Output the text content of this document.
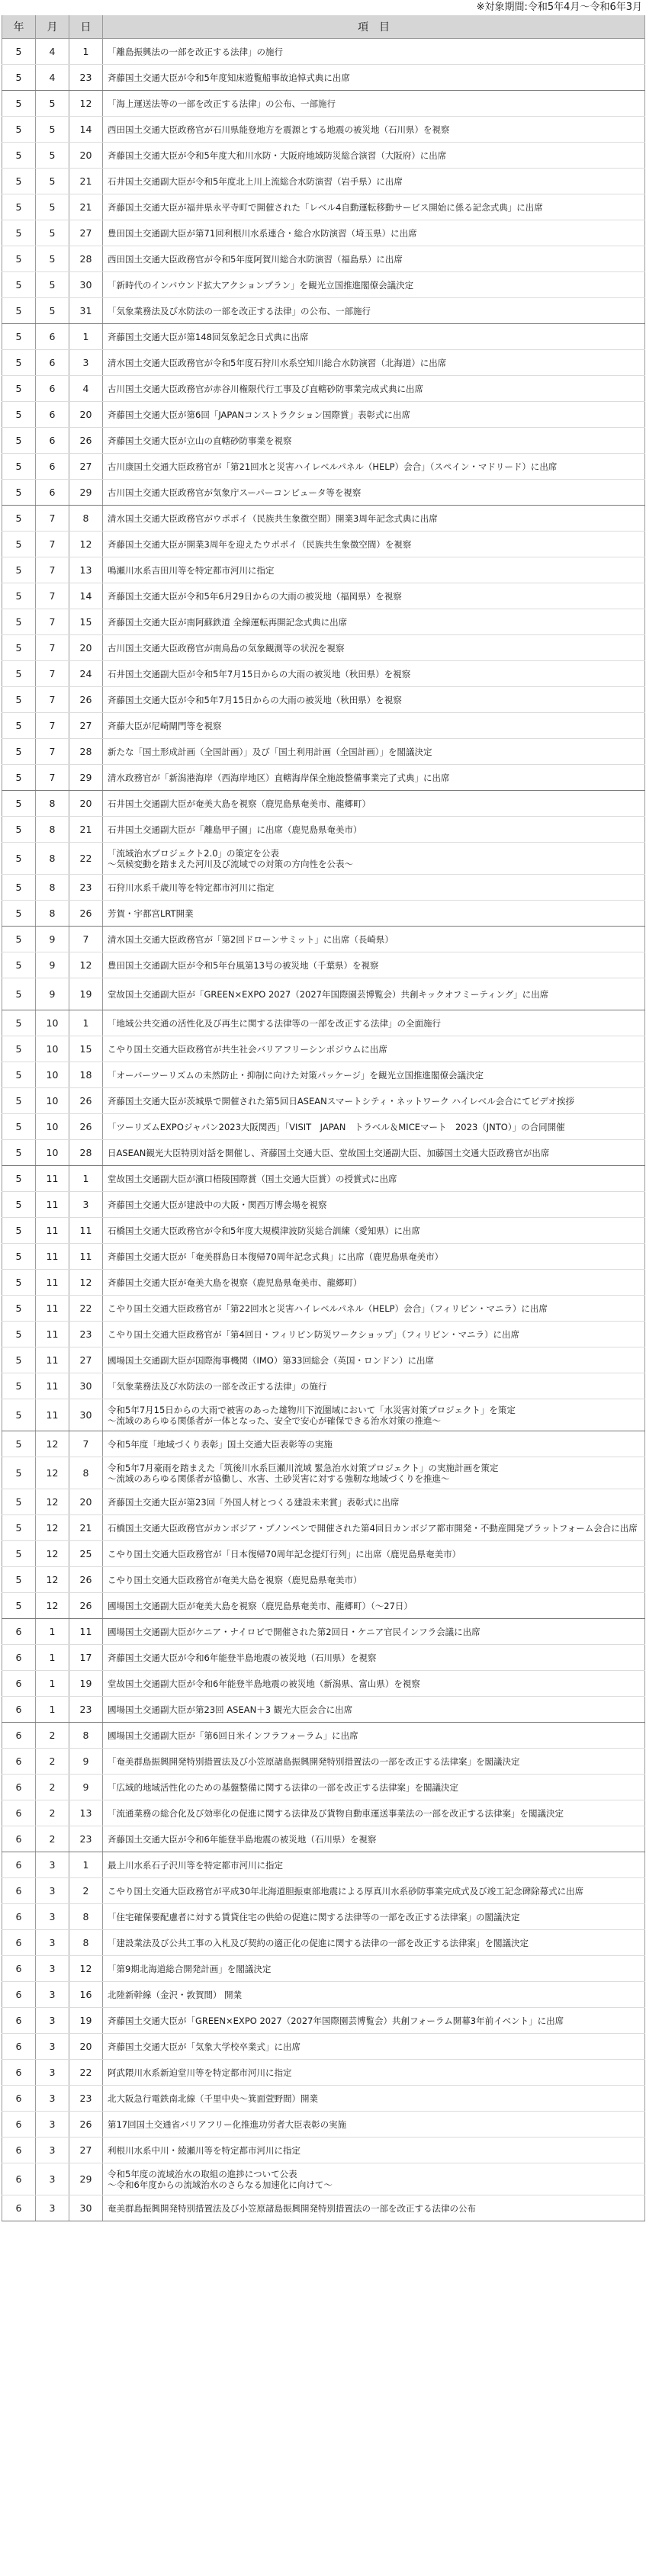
※対象期間:令和5年4月～令和6年3月
年	月	日	項　目
5	4	1	「離島振興法の一部を改正する法律」の施行
5	4	23	斉藤国土交通大臣が令和5年度知床遊覧船事故追悼式典に出席
5	5	12	「海上運送法等の一部を改正する法律」の公布、一部施行
5	5	14	西田国土交通大臣政務官が石川県能登地方を震源とする地震の被災地（石川県）を視察
5	5	20	斉藤国土交通大臣が令和5年度大和川水防・大阪府地域防災総合演習（大阪府）に出席
5	5	21	石井国土交通副大臣が令和5年度北上川上流総合水防演習（岩手県）に出席
5	5	21	斉藤国土交通大臣が福井県永平寺町で開催された「レベル4自動運転移動サービス開始に係る記念式典」に出席
5	5	27	豊田国土交通副大臣が第71回利根川水系連合・総合水防演習（埼玉県）に出席
5	5	28	西田国土交通大臣政務官が令和5年度阿賀川総合水防演習（福島県）に出席
5	5	30	「新時代のインバウンド拡大アクションプラン」を観光立国推進閣僚会議決定
5	5	31	「気象業務法及び水防法の一部を改正する法律」の公布、一部施行
5	6	1	斉藤国土交通大臣が第148回気象記念日式典に出席
5	6	3	清水国土交通大臣政務官が令和5年度石狩川水系空知川総合水防演習（北海道）に出席
5	6	4	古川国土交通大臣政務官が赤谷川権限代行工事及び直轄砂防事業完成式典に出席
5	6	20	斉藤国土交通大臣が第6回「JAPANコンストラクション国際賞」表彰式に出席
5	6	26	斉藤国土交通大臣が立山の直轄砂防事業を視察
5	6	27	古川康国土交通大臣政務官が「第21回水と災害ハイレベルパネル（HELP）会合」（スペイン・マドリード）に出席
5	6	29	古川国土交通大臣政務官が気象庁スーパーコンピュータ等を視察
5	7	8	清水国土交通大臣政務官がウポポイ（民族共生象徴空間）開業3周年記念式典に出席
5	7	12	斉藤国土交通大臣が開業3周年を迎えたウポポイ（民族共生象徴空間）を視察
5	7	13	鳴瀬川水系吉田川等を特定都市河川に指定
5	7	14	斉藤国土交通大臣が令和5年6月29日からの大雨の被災地（福岡県）を視察
5	7	15	斉藤国土交通大臣が南阿蘇鉄道 全線運転再開記念式典に出席
5	7	20	古川国土交通大臣政務官が南鳥島の気象観測等の状況を視察
5	7	24	石井国土交通副大臣が令和5年7月15日からの大雨の被災地（秋田県）を視察
5	7	26	斉藤国土交通大臣が令和5年7月15日からの大雨の被災地（秋田県）を視察
5	7	27	斉藤大臣が尼崎閘門等を視察
5	7	28	新たな「国土形成計画（全国計画）」及び「国土利用計画（全国計画）」を閣議決定
5	7	29	清水政務官が「新潟港海岸（西海岸地区）直轄海岸保全施設整備事業完了式典」に出席
5	8	20	石井国土交通副大臣が奄美大島を視察（鹿児島県奄美市、龍郷町）
5	8	21	石井国土交通副大臣が「離島甲子園」に出席（鹿児島県奄美市）
5	8	22	「流域治水プロジェクト2.0」の策定を公表
～気候変動を踏まえた河川及び流域での対策の方向性を公表～
5	8	23	石狩川水系千歳川等を特定都市河川に指定
5	8	26	芳賀・宇都宮LRT開業
5	9	7	清水国土交通大臣政務官が「第2回ドローンサミット」に出席（長崎県）
5	9	12	豊田国土交通副大臣が令和5年台風第13号の被災地（千葉県）を視察
5	9	19	堂故国土交通副大臣が「GREEN×EXPO 2027（2027年国際園芸博覧会）共創キックオフミーティング」に出席
5	10	1	「地域公共交通の活性化及び再生に関する法律等の一部を改正する法律」の全面施行
5	10	15	こやり国土交通大臣政務官が共生社会バリアフリーシンポジウムに出席
5	10	18	「オーバーツーリズムの未然防止・抑制に向けた対策パッケージ」を観光立国推進閣僚会議決定
5	10	26	斉藤国土交通大臣が茨城県で開催された第5回日ASEANスマートシティ・ネットワーク ハイレベル会合にてビデオ挨拶
5	10	26	「ツーリズムEXPOジャパン2023大阪関西」「VISIT　JAPAN　トラベル＆MICEマート　2023（JNTO）」の合同開催
5	10	28	日ASEAN観光大臣特別対話を開催し、斉藤国土交通大臣、堂故国土交通副大臣、加藤国土交通大臣政務官が出席
5	11	1	堂故国土交通副大臣が濱口梧陵国際賞（国土交通大臣賞）の授賞式に出席
5	11	3	斉藤国土交通大臣が建設中の大阪・関西万博会場を視察
5	11	11	石橋国土交通大臣政務官が令和5年度大規模津波防災総合訓練（愛知県）に出席
5	11	11	斉藤国土交通大臣が「奄美群島日本復帰70周年記念式典」に出席（鹿児島県奄美市）
5	11	12	斉藤国土交通大臣が奄美大島を視察（鹿児島県奄美市、龍郷町）
5	11	22	こやり国土交通大臣政務官が「第22回水と災害ハイレベルパネル（HELP）会合」（フィリピン・マニラ）に出席
5	11	23	こやり国土交通大臣政務官が「第4回日・フィリピン防災ワークショップ」（フィリピン・マニラ）に出席
5	11	27	國場国土交通副大臣が国際海事機関（IMO）第33回総会（英国・ロンドン）に出席
5	11	30	「気象業務法及び水防法の一部を改正する法律」の施行
5	11	30	令和5年7月15日からの大雨で被害のあった雄物川下流圏域において「水災害対策プロジェクト」を策定
～流域のあらゆる関係者が一体となった、安全で安心が確保できる治水対策の推進～
5	12	7	令和5年度「地域づくり表彰」国土交通大臣表彰等の実施
5	12	8	令和5年7月豪雨を踏まえた「筑後川水系巨瀬川流域 緊急治水対策プロジェクト」の実施計画を策定
～流域のあらゆる関係者が協働し、水害、土砂災害に対する強靭な地域づくりを推進～
5	12	20	斉藤国土交通大臣が第23回「外国人材とつくる建設未来賞」表彰式に出席
5	12	21	石橋国土交通大臣政務官がカンボジア・プノンペンで開催された第4回日カンボジア都市開発・不動産開発プラットフォーム会合に出席
5	12	25	こやり国土交通大臣政務官が「日本復帰70周年記念提灯行列」に出席（鹿児島県奄美市）
5	12	26	こやり国土交通大臣政務官が奄美大島を視察（鹿児島県奄美市）
5	12	26	國場国土交通副大臣が奄美大島を視察（鹿児島県奄美市、龍郷町）（～27日）
6	1	11	國場国土交通副大臣がケニア・ナイロビで開催された第2回日・ケニア官民インフラ会議に出席
6	1	17	斉藤国土交通大臣が令和6年能登半島地震の被災地（石川県）を視察
6	1	19	堂故国土交通副大臣が令和6年能登半島地震の被災地（新潟県、富山県）を視察
6	1	23	國場国土交通副大臣が第23回 ASEAN＋3 観光大臣会合に出席
6	2	8	國場国土交通副大臣が「第6回日米インフラフォーラム」に出席
6	2	9	「奄美群島振興開発特別措置法及び小笠原諸島振興開発特別措置法の一部を改正する法律案」を閣議決定
6	2	9	「広域的地域活性化のための基盤整備に関する法律の一部を改正する法律案」を閣議決定
6	2	13	「流通業務の総合化及び効率化の促進に関する法律及び貨物自動車運送事業法の一部を改正する法律案」を閣議決定
6	2	23	斉藤国土交通大臣が令和6年能登半島地震の被災地（石川県）を視察
6	3	1	最上川水系石子沢川等を特定都市河川に指定
6	3	2	こやり国土交通大臣政務官が平成30年北海道胆振東部地震による厚真川水系砂防事業完成式及び竣工記念碑除幕式に出席
6	3	8	「住宅確保要配慮者に対する賃貸住宅の供給の促進に関する法律等の一部を改正する法律案」の閣議決定
6	3	8	「建設業法及び公共工事の入札及び契約の適正化の促進に関する法律の一部を改正する法律案」を閣議決定
6	3	12	「第9期北海道総合開発計画」を閣議決定
6	3	16	北陸新幹線（金沢・敦賀間） 開業
6	3	19	斉藤国土交通大臣が「GREEN×EXPO 2027（2027年国際園芸博覧会）共創フォーラム開幕3年前イベント」に出席
6	3	20	斉藤国土交通大臣が「気象大学校卒業式」に出席
6	3	22	阿武隈川水系新迫堂川等を特定都市河川に指定
6	3	23	北大阪急行電鉄南北線（千里中央～箕面萱野間）開業
6	3	26	第17回国土交通省バリアフリー化推進功労者大臣表彰の実施
6	3	27	利根川水系中川・綾瀬川等を特定都市河川に指定
6	3	29	令和5年度の流域治水の取組の進捗について公表
～令和6年度からの流域治水のさらなる加速化に向けて～
6	3	30	奄美群島振興開発特別措置法及び小笠原諸島振興開発特別措置法の一部を改正する法律の公布
